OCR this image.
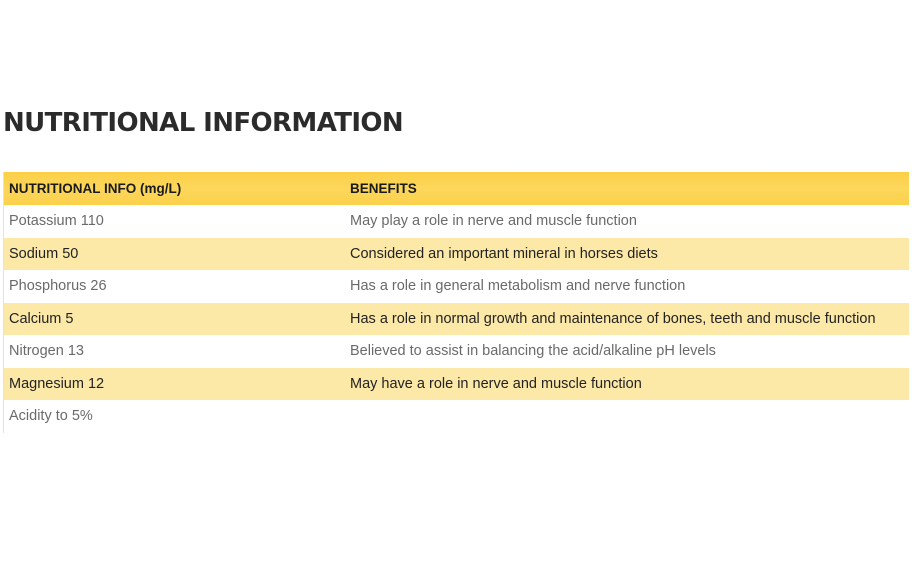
NUTRITIONAL INFORMATION
NUTRITIONAL INFO (mg/L)	BENEFITS
Potassium 110	May play a role in nerve and muscle function
Sodium 50	Considered an important mineral in horses diets
Phosphorus 26	Has a role in general metabolism and nerve function
Calcium 5	Has a role in normal growth and maintenance of bones, teeth and muscle function
Nitrogen 13	Believed to assist in balancing the acid/alkaline pH levels
Magnesium 12	May have a role in nerve and muscle function
Acidity to 5%
